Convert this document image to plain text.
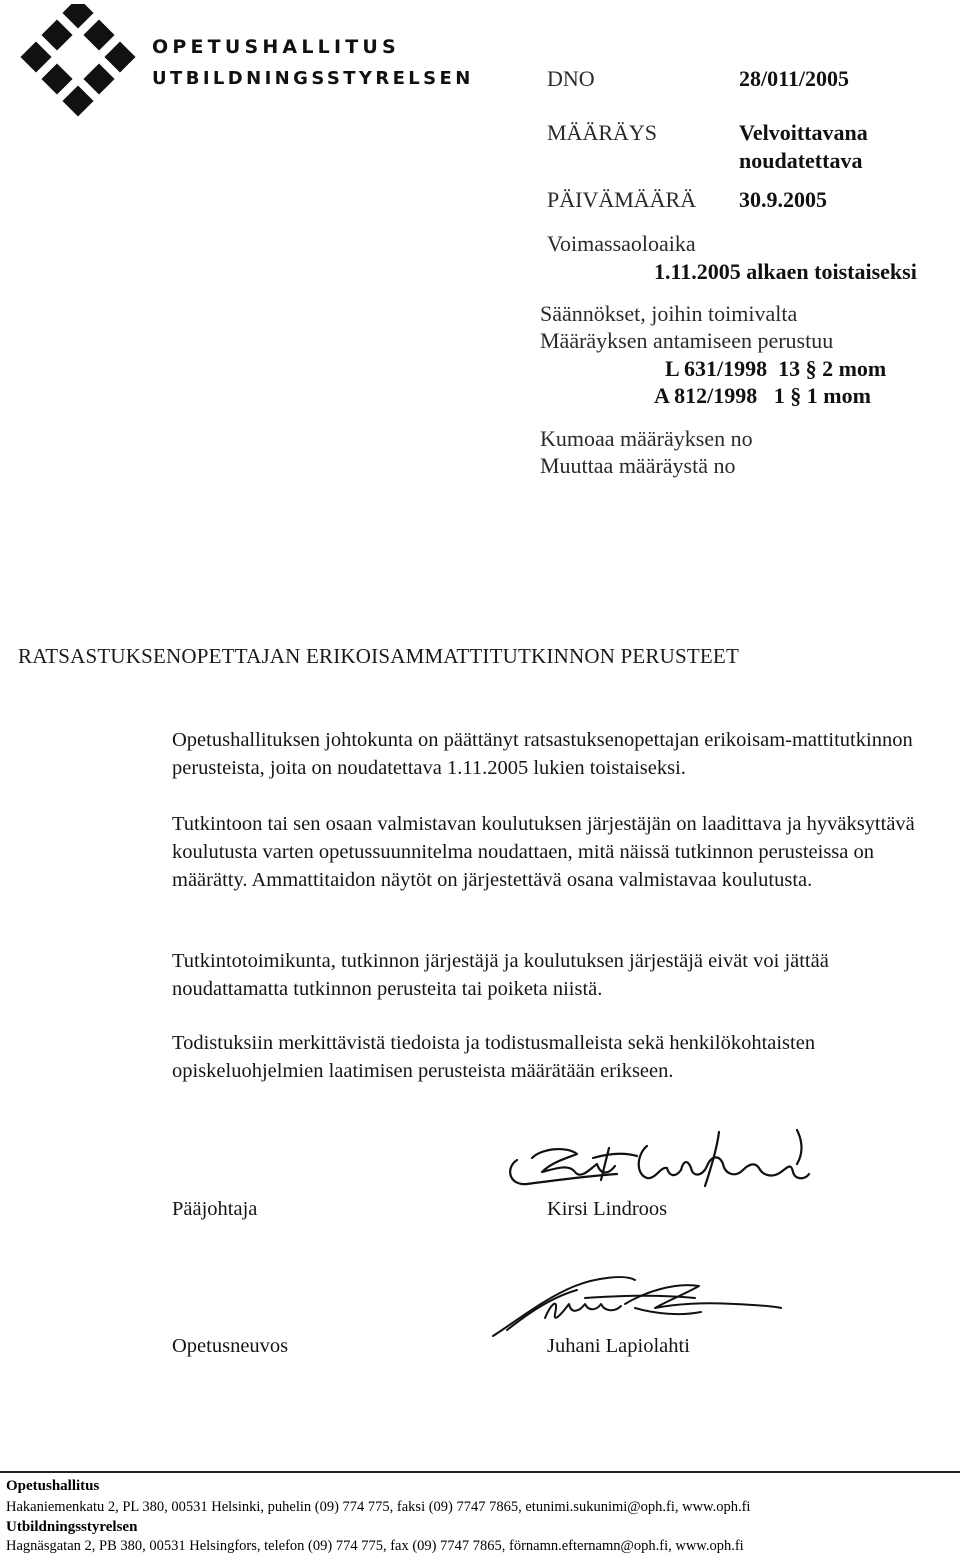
OPETUSHALLITUS
UTBILDNINGSSTYRELSEN	DNO	28/011/2005
MÄÄRÄYS	Velvoittavana
noudatettava
PÄIVÄMÄÄRÄ 30.9.2005
Voimassaoloaika
1.11.2005 alkaen toistaiseksi
Säännökset, joihin toimivalta
Määräyksen antamiseen perustuu
L 631/1998  13 § 2 mom
A 812/1998   1 § 1 mom
Kumoaa määräyksen no
Muuttaa määräystä no
RATSASTUKSENOPETTAJAN ERIKOISAMMATTITUTKINNON PERUSTEET
Opetushallituksen johtokunta on päättänyt ratsastuksenopettajan erikoisam-mattitutkinnon perusteista, joita on noudatettava 1.11.2005 lukien toistaiseksi.
Tutkintoon tai sen osaan valmistavan koulutuksen järjestäjän on laadittava ja hyväksyttävä koulutusta varten opetussuunnitelma noudattaen, mitä näissä tutkinnon perusteissa on määrätty. Ammattitaidon näytöt on järjestettävä osana valmistavaa koulutusta.
Tutkintotoimikunta, tutkinnon järjestäjä ja koulutuksen järjestäjä eivät voi jättää noudattamatta tutkinnon perusteita tai poiketa niistä.
Todistuksiin merkittävistä tiedoista ja todistusmalleista sekä henkilökohtaisten opiskeluohjelmien laatimisen perusteista määrätään erikseen.
Pääjohtaja	Kirsi Lindroos
Opetusneuvos	Juhani Lapiolahti
Opetushallitus
Hakaniemenkatu 2, PL 380, 00531 Helsinki, puhelin (09) 774 775, faksi (09) 7747 7865, etunimi.sukunimi@oph.fi, www.oph.fi
Utbildningsstyrelsen
Hagnäsgatan 2, PB 380, 00531 Helsingfors, telefon (09) 774 775, fax (09) 7747 7865, förnamn.efternamn@oph.fi, www.oph.fi
